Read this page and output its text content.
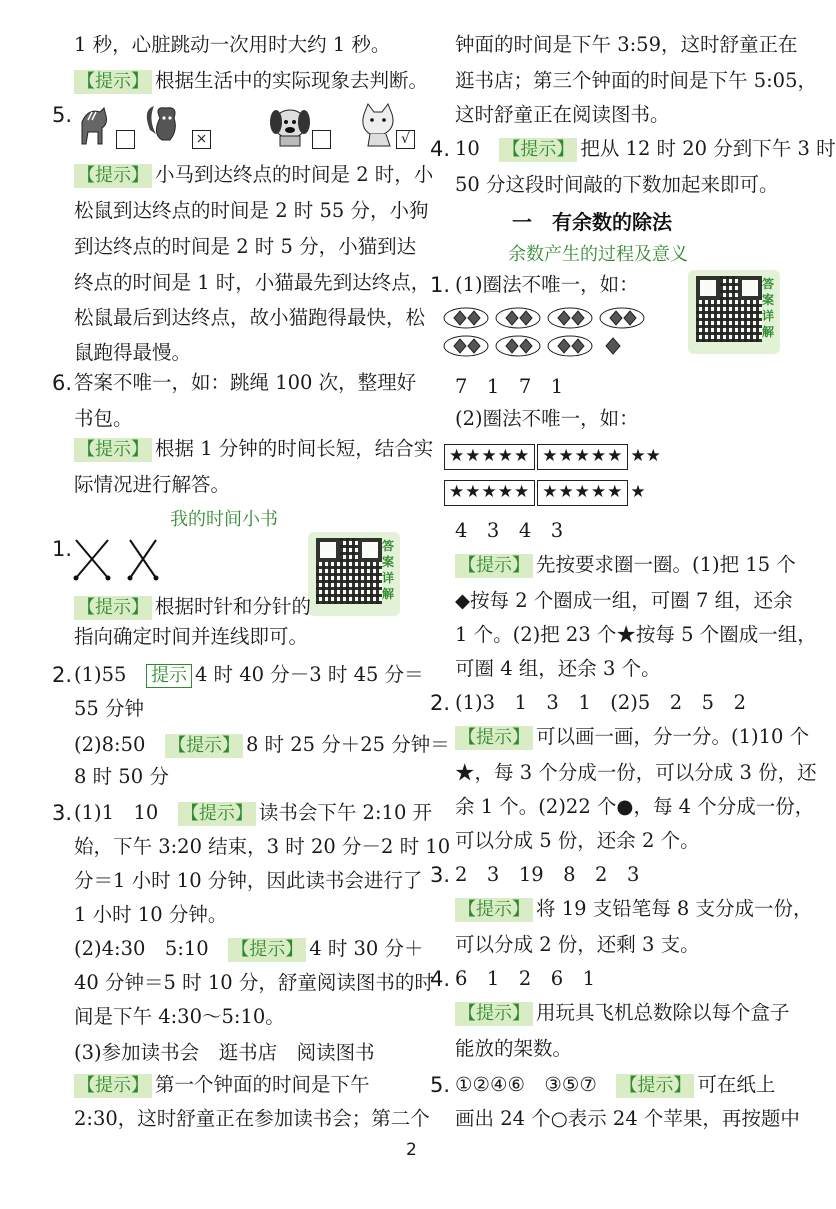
1 秒，心脏跳动一次用时大约 1 秒。
【 提示 】 根据生活中的实际现象去判断。
5.
×	√
【 提示 】 小马到达终点的时间是 2 时，小
松鼠到达终点的时间是 2 时 55 分，小狗
到达终点的时间是 2 时 5 分，小猫到达
终点的时间是 1 时，小猫最先到达终点，
松鼠最后到达终点，故小猫跑得最快，松
鼠跑得最慢。
6. 答案不唯一，如：跳绳 100 次，整理好
书包。
【 提示 】 根据 1 分钟的时间长短，结合实
际情况进行解答。
我的时间小书
1.	答案详解
【 提示 】 根据时针和分针的
指向确定时间并连线即可。
2. (1)55　 提示 4 时 40 分－3 时 45 分＝
55 分钟
(2)8:50　 【 提示 】 8 时 25 分＋25 分钟＝
8 时 50 分
3. (1)1　10　 【 提示 】 读书会下午 2:10 开
始，下午 3:20 结束，3 时 20 分－2 时 10
分＝1 小时 10 分钟，因此读书会进行了
1 小时 10 分钟。
(2)4:30　5:10　 【 提示 】 4 时 30 分＋
40 分钟＝5 时 10 分，舒童阅读图书的时
间是下午 4:30～5:10。
(3)参加读书会　逛书店　阅读图书
【 提示 】 第一个钟面的时间是下午
2:30，这时舒童正在参加读书会；第二个
钟面的时间是下午 3:59，这时舒童正在
逛书店；第三个钟面的时间是下午 5:05，
这时舒童正在阅读图书。
4. 10　 【 提示 】 把从 12 时 20 分到下午 3 时
50 分这段时间敲的下数加起来即可。
一　有余数的除法
余数产生的过程及意义
1. (1)圈法不唯一，如：	答案详解
7　1　7　1
(2)圈法不唯一，如：
★★★★★ ★★★★★ ★★
★★★★★ ★★★★★ ★
4　3　4　3
【 提示 】 先按要求圈一圈。(1)把 15 个
◆按每 2 个圈成一组，可圈 7 组，还余
1 个。(2)把 23 个★按每 5 个圈成一组，
可圈 4 组，还余 3 个。
2. (1)3　1　3　1　(2)5　2　5　2
【 提示 】 可以画一画，分一分。(1)10 个
★，每 3 个分成一份，可以分成 3 份，还
余 1 个。(2)22 个●，每 4 个分成一份，
可以分成 5 份，还余 2 个。
3. 2　3　19　8　2　3
【 提示 】 将 19 支铅笔每 8 支分成一份，
可以分成 2 份，还剩 3 支。
4. 6　1　2　6　1
【 提示 】 用玩具飞机总数除以每个盒子
能放的架数。
5. ①②④⑥　③⑤⑦　 【 提示 】 可在纸上
画出 24 个○表示 24 个苹果，再按题中
2
